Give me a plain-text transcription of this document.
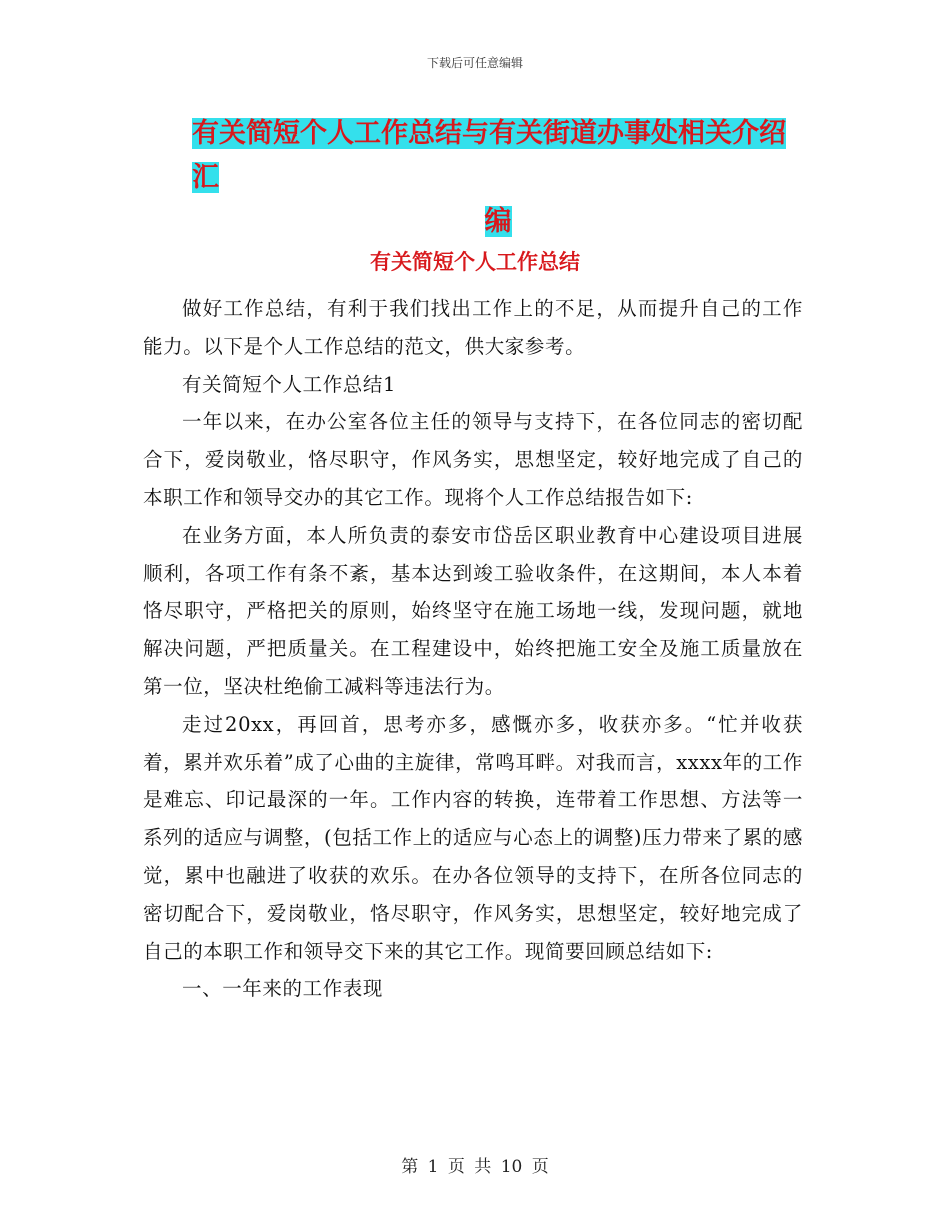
下载后可任意编辑
有关简短个人工作总结与有关街道办事处相关介绍汇
编
有关简短个人工作总结

做好工作总结，有利于我们找出工作上的不足，从而提升自己的工作能力。以下是个人工作总结的范文，供大家参考。

有关简短个人工作总结1

一年以来，在办公室各位主任的领导与支持下，在各位同志的密切配合下，爱岗敬业，恪尽职守，作风务实，思想坚定，较好地完成了自己的本职工作和领导交办的其它工作。现将个人工作总结报告如下:

在业务方面，本人所负责的泰安市岱岳区职业教育中心建设项目进展顺利，各项工作有条不紊，基本达到竣工验收条件，在这期间，本人本着恪尽职守，严格把关的原则，始终坚守在施工场地一线，发现问题，就地解决问题，严把质量关。在工程建设中，始终把施工安全及施工质量放在第一位，坚决杜绝偷工减料等违法行为。

走过20xx，再回首，思考亦多，感慨亦多，收获亦多。“忙并收获着，累并欢乐着”成了心曲的主旋律，常鸣耳畔。对我而言，xxxx年的工作是难忘、印记最深的一年。工作内容的转换，连带着工作思想、方法等一系列的适应与调整，(包括工作上的适应与心态上的调整)压力带来了累的感觉，累中也融进了收获的欢乐。在办各位领导的支持下，在所各位同志的密切配合下，爱岗敬业，恪尽职守，作风务实，思想坚定，较好地完成了自己的本职工作和领导交下来的其它工作。现简要回顾总结如下:

一、一年来的工作表现

第 1 页 共 10 页
